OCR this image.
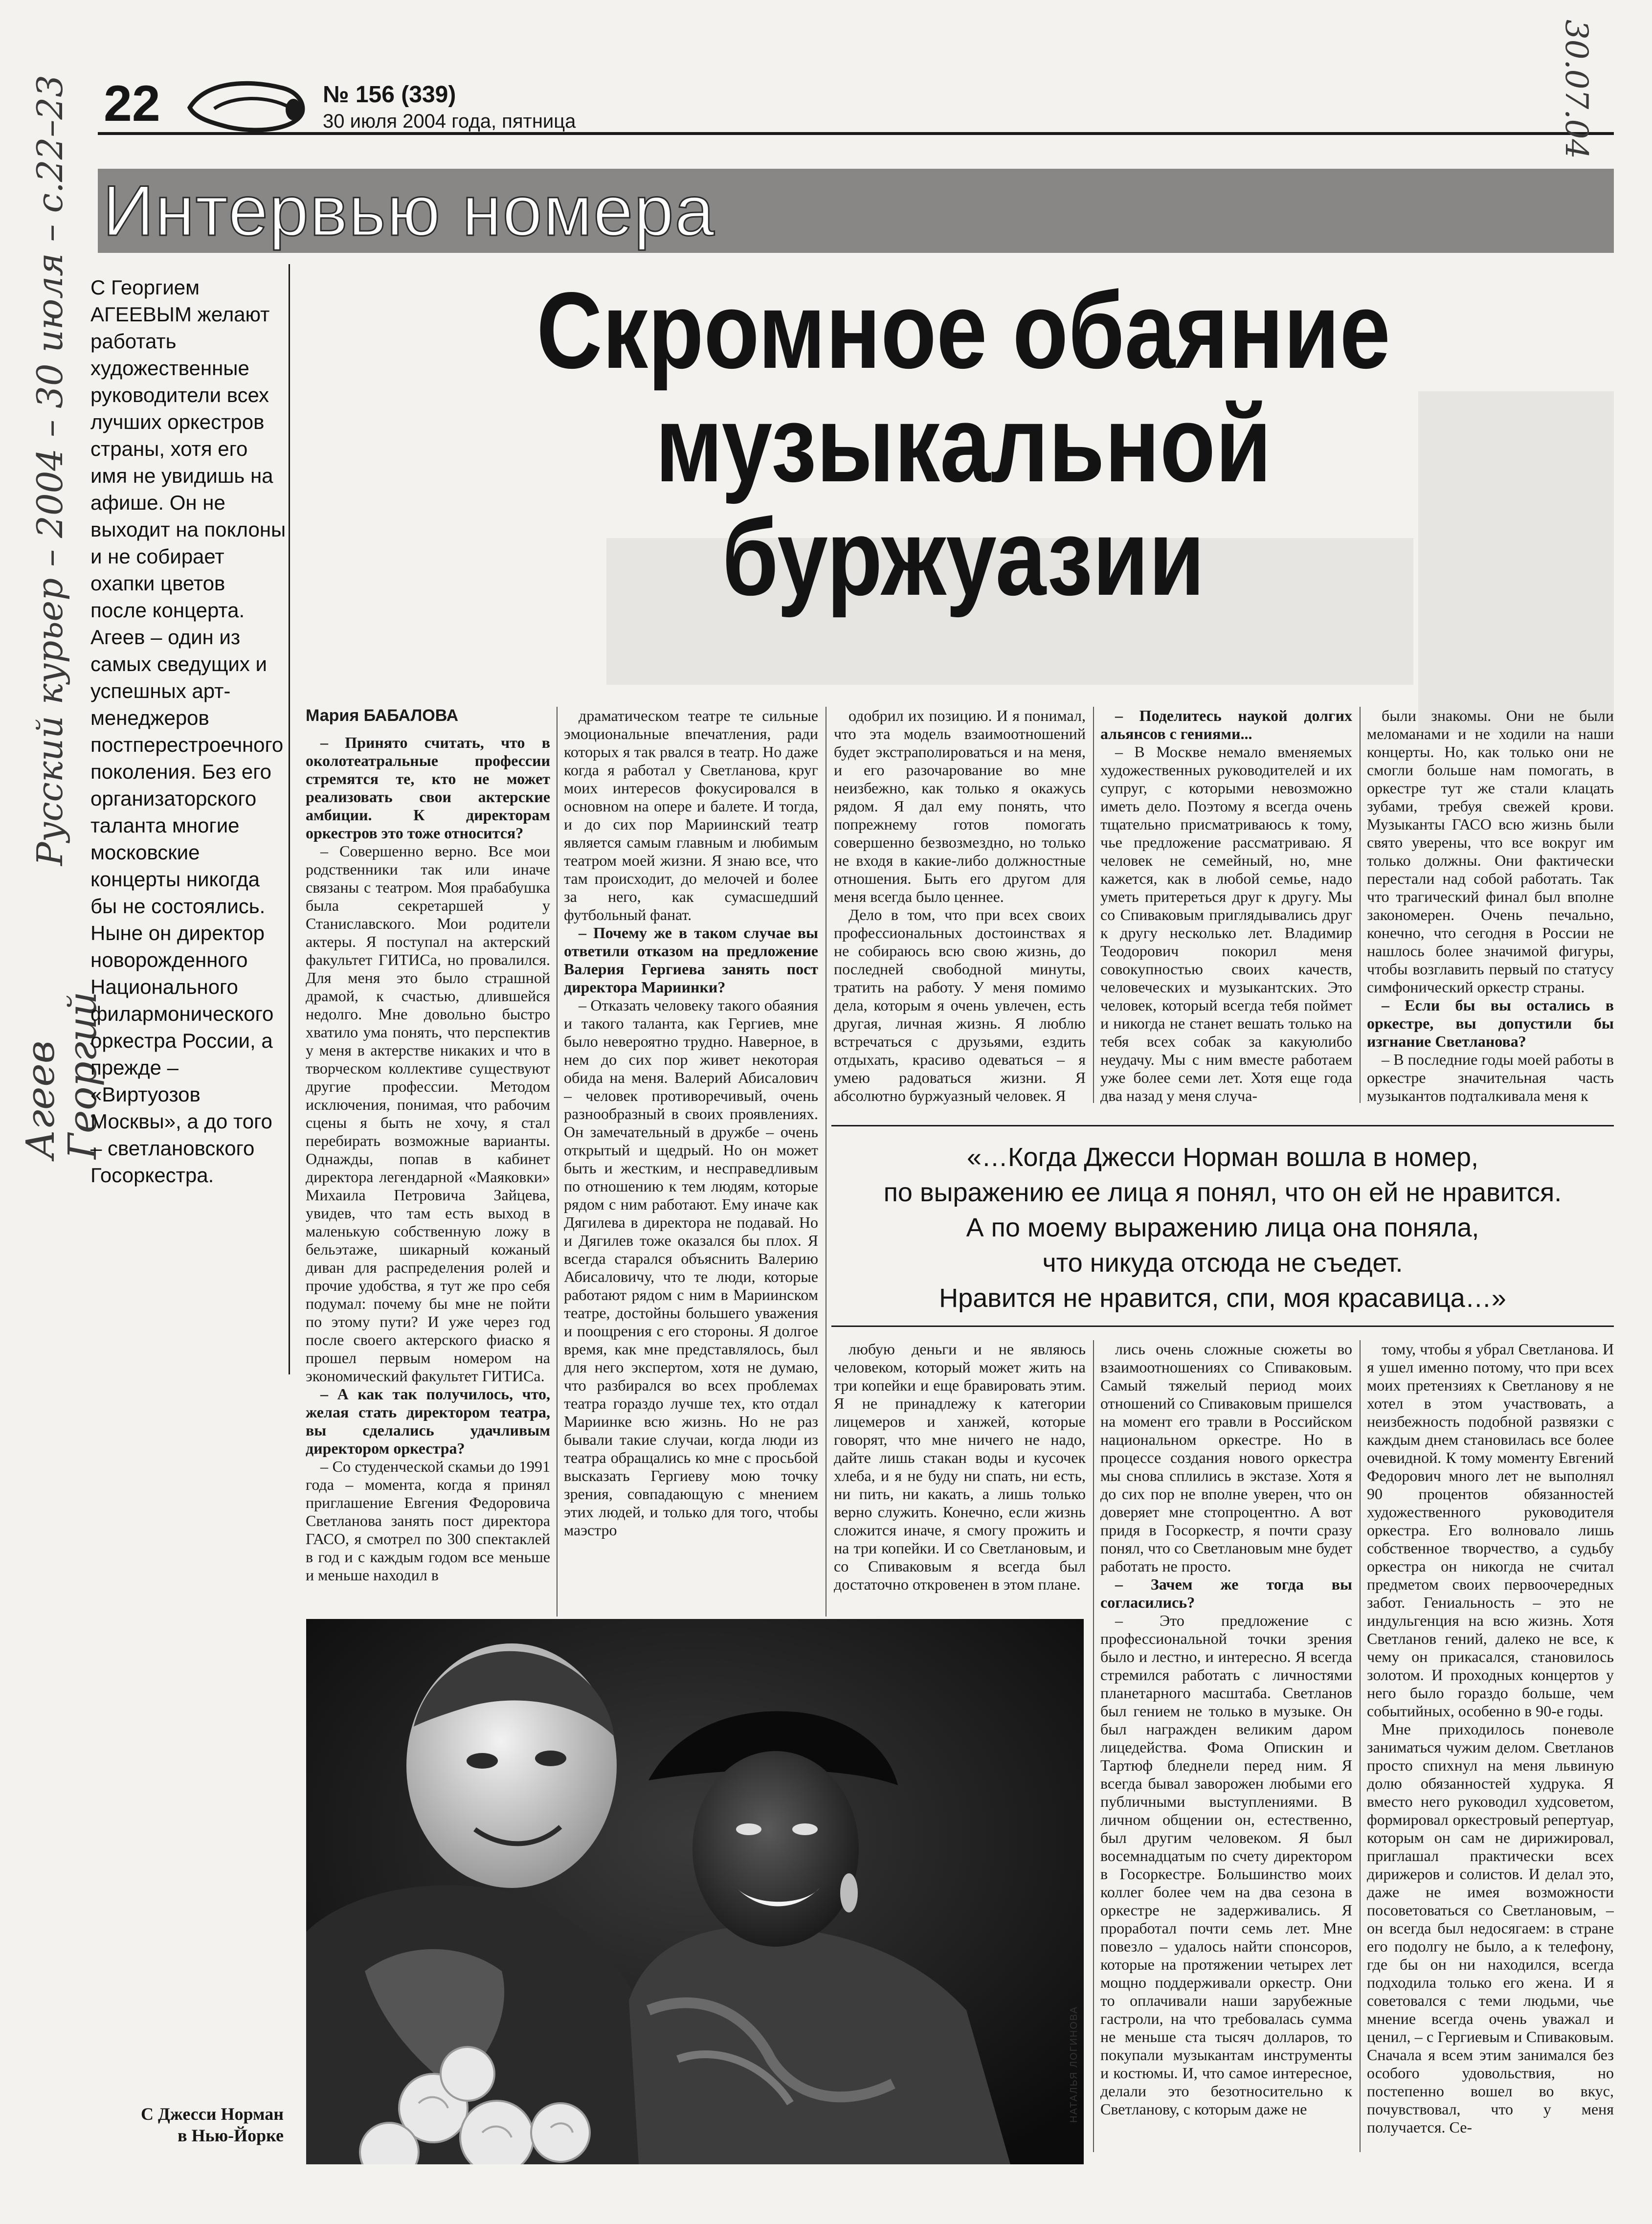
22	№ 156 (339)
30 июля 2004 года, пятница
Интервью номера
Русский курьер – 2004 – 30 июля – с.22–23
Агеев Георгий
30.07.04
С Георгием АГЕЕВЫМ желают работать художественные руководители всех лучших оркестров страны, хотя его имя не увидишь на афише. Он не выходит на поклоны и не собирает охапки цветов после концерта. Агеев – один из самых сведущих и успешных арт-менеджеров постперестроечного поколения. Без его организаторского таланта многие московские концерты никогда бы не состоялись. Ныне он директор новорожденного Национального филармонического оркестра России, а прежде – «Виртуозов Москвы», а до того – светлановского Госоркестра.
Скромное обаяние
музыкальной
буржуазии

Мария БАБАЛОВА

– Принято считать, что в околотеатральные профессии стремятся те, кто не может реализовать свои актерские амбиции. К директорам оркестров это тоже относится?

– Совершенно верно. Все мои родственники так или иначе связаны с театром. Моя прабабушка была секретаршей у Станиславского. Мои родители актеры. Я поступал на актерский факультет ГИТИСа, но провалился. Для меня это было страшной драмой, к счастью, длившейся недолго. Мне довольно быстро хватило ума понять, что перспектив у меня в актерстве никаких и что в творческом коллективе существуют другие профессии. Методом исключения, понимая, что рабочим сцены я быть не хочу, я стал перебирать возможные варианты. Однажды, попав в кабинет директора легендарной «Маяковки» Михаила Петровича Зайцева, увидев, что там есть выход в маленькую собственную ложу в бельэтаже, шикарный кожаный диван для распределения ролей и прочие удобства, я тут же про себя подумал: почему бы мне не пойти по этому пути? И уже через год после своего актерского фиаско я прошел первым номером на экономический факультет ГИТИСа.

– А как так получилось, что, желая стать директором театра, вы сделались удачливым директором оркестра?

– Со студенческой скамьи до 1991 года – момента, когда я принял приглашение Евгения Федоровича Светланова занять пост директора ГАСО, я смотрел по 300 спектаклей в год и с каждым годом все меньше и меньше находил в

драматическом театре те сильные эмоциональные впечатления, ради которых я так рвался в театр. Но даже когда я работал у Светланова, круг моих интересов фокусировался в основном на опере и балете. И тогда, и до сих пор Мариинский театр является самым главным и любимым театром моей жизни. Я знаю все, что там происходит, до мелочей и более за него, как сумасшедший футбольный фанат.

– Почему же в таком случае вы ответили отказом на предложение Валерия Гергиева занять пост директора Мариинки?

– Отказать человеку такого обаяния и такого таланта, как Гергиев, мне было невероятно трудно. Наверное, в нем до сих пор живет некоторая обида на меня. Валерий Абисалович – человек противоречивый, очень разнообразный в своих проявлениях. Он замечательный в дружбе – очень открытый и щедрый. Но он может быть и жестким, и несправедливым по отношению к тем людям, которые рядом с ним работают. Ему иначе как Дягилева в директора не подавай. Но и Дягилев тоже оказался бы плох. Я всегда старался объяснить Валерию Абисаловичу, что те люди, которые работают рядом с ним в Мариинском театре, достойны большего уважения и поощрения с его стороны. Я долгое время, как мне представлялось, был для него экспертом, хотя не думаю, что разбирался во всех проблемах театра гораздо лучше тех, кто отдал Мариинке всю жизнь. Но не раз бывали такие случаи, когда люди из театра обращались ко мне с просьбой высказать Гергиеву мою точку зрения, совпадающую с мнением этих людей, и только для того, чтобы маэстро

одобрил их позицию. И я понимал, что эта модель взаимоотношений будет экстраполироваться и на меня, и его разочарование во мне неизбежно, как только я окажусь рядом. Я дал ему понять, что попрежнему готов помогать совершенно безвозмездно, но только не входя в какие-либо должностные отношения. Быть его другом для меня всегда было ценнее.

Дело в том, что при всех своих профессиональных достоинствах я не собираюсь всю свою жизнь, до последней свободной минуты, тратить на работу. У меня помимо дела, которым я очень увлечен, есть другая, личная жизнь. Я люблю встречаться с друзьями, ездить отдыхать, красиво одеваться – я умею радоваться жизни. Я абсолютно буржуазный человек. Я

– Поделитесь наукой долгих альянсов с гениями...

– В Москве немало вменяемых художественных руководителей и их супруг, с которыми невозможно иметь дело. Поэтому я всегда очень тщательно присматриваюсь к тому, чье предложение рассматриваю. Я человек не семейный, но, мне кажется, как в любой семье, надо уметь притереться друг к другу. Мы со Спиваковым приглядывались друг к другу несколько лет. Владимир Теодорович покорил меня совокупностью своих качеств, человеческих и музыкантских. Это человек, который всегда тебя поймет и никогда не станет вешать только на тебя всех собак за какуюлибо неудачу. Мы с ним вместе работаем уже более семи лет. Хотя еще года два назад у меня случа-

были знакомы. Они не были меломанами и не ходили на наши концерты. Но, как только они не смогли больше нам помогать, в оркестре тут же стали клацать зубами, требуя свежей крови. Музыканты ГАСО всю жизнь были свято уверены, что все вокруг им только должны. Они фактически перестали над собой работать. Так что трагический финал был вполне закономерен. Очень печально, конечно, что сегодня в России не нашлось более значимой фигуры, чтобы возглавить первый по статусу симфонический оркестр страны.

– Если бы вы остались в оркестре, вы допустили бы изгнание Светланова?

– В последние годы моей работы в оркестре значительная часть музыкантов подталкивала меня к

«…Когда Джесси Норман вошла в номер,
по выражению ее лица я понял, что он ей не нравится.
А по моему выражению лица она поняла,
что никуда отсюда не съедет.
Нравится не нравится, спи, моя красавица…»

любую деньги и не являюсь человеком, который может жить на три копейки и еще бравировать этим. Я не принадлежу к категории лицемеров и ханжей, которые говорят, что мне ничего не надо, дайте лишь стакан воды и кусочек хлеба, и я не буду ни спать, ни есть, ни пить, ни какать, а лишь только верно служить. Конечно, если жизнь сложится иначе, я смогу прожить и на три копейки. И со Светлановым, и со Спиваковым я всегда был достаточно откровенен в этом плане.

лись очень сложные сюжеты во взаимоотношениях со Спиваковым. Самый тяжелый период моих отношений со Спиваковым пришелся на момент его травли в Российском национальном оркестре. Но в процессе создания нового оркестра мы снова сплились в экстазе. Хотя я до сих пор не вполне уверен, что он доверяет мне стопроцентно. А вот придя в Госоркестр, я почти сразу понял, что со Светлановым мне будет работать не просто.

– Зачем же тогда вы согласились?

– Это предложение с профессиональной точки зрения было и лестно, и интересно. Я всегда стремился работать с личностями планетарного масштаба. Светланов был гением не только в музыке. Он был награжден великим даром лицедейства. Фома Опискин и Тартюф бледнели перед ним. Я всегда бывал заворожен любыми его публичными выступлениями. В личном общении он, естественно, был другим человеком. Я был восемнадцатым по счету директором в Госоркестре. Большинство моих коллег более чем на два сезона в оркестре не задерживались. Я проработал почти семь лет. Мне повезло – удалось найти спонсоров, которые на протяжении четырех лет мощно поддерживали оркестр. Они то оплачивали наши зарубежные гастроли, на что требовалась сумма не меньше ста тысяч долларов, то покупали музыкантам инструменты и костюмы. И, что самое интересное, делали это безотносительно к Светланову, с которым даже не

тому, чтобы я убрал Светланова. И я ушел именно потому, что при всех моих претензиях к Светланову я не хотел в этом участвовать, а неизбежность подобной развязки с каждым днем становилась все более очевидной. К тому моменту Евгений Федорович много лет не выполнял 90 процентов обязанностей художественного руководителя оркестра. Его волновало лишь собственное творчество, а судьбу оркестра он никогда не считал предметом своих первоочередных забот. Гениальность – это не индульгенция на всю жизнь. Хотя Светланов гений, далеко не все, к чему он прикасался, становилось золотом. И проходных концертов у него было гораздо больше, чем событийных, особенно в 90-е годы.

Мне приходилось поневоле заниматься чужим делом. Светланов просто спихнул на меня львиную долю обязанностей худрука. Я вместо него руководил худсоветом, формировал оркестровый репертуар, которым он сам не дирижировал, приглашал практически всех дирижеров и солистов. И делал это, даже не имея возможности посоветоваться со Светлановым, – он всегда был недосягаем: в стране его подолгу не было, а к телефону, где бы он ни находился, всегда подходила только его жена. И я советовался с теми людьми, чье мнение всегда очень уважал и ценил, – с Гергиевым и Спиваковым. Сначала я всем этим занимался без особого удовольствия, но постепенно вошел во вкус, почувствовал, что у меня получается. Се-

С Джесси Норман
в Нью-Йорке
НАТАЛЬЯ ЛОГИНОВА
